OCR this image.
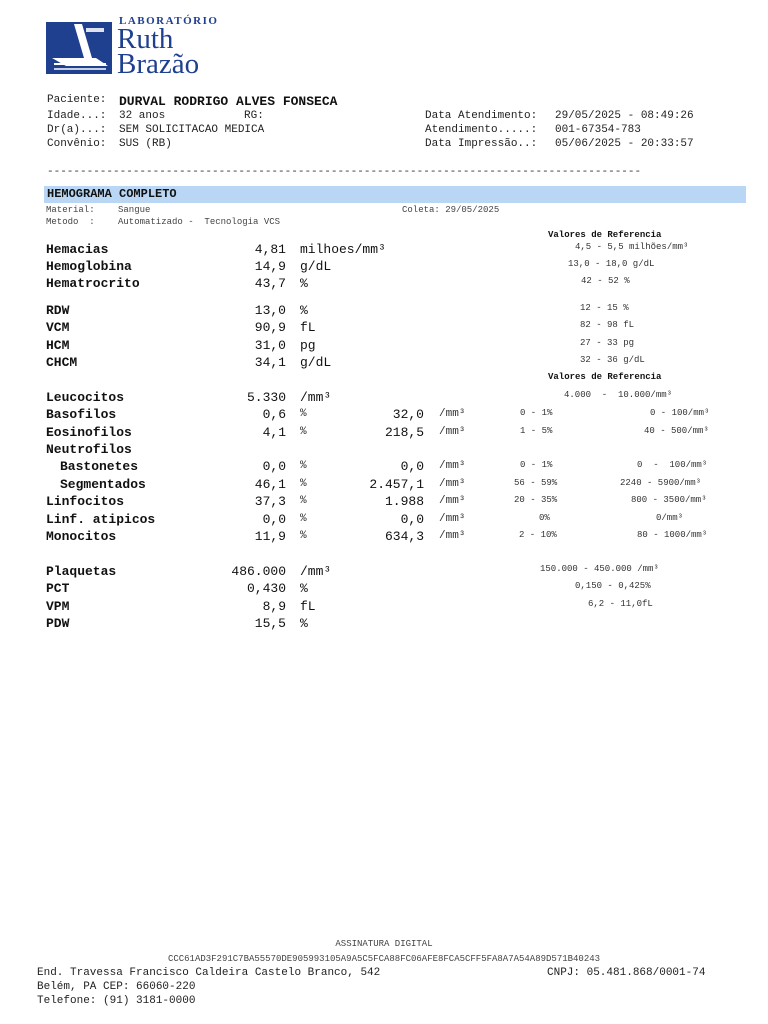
LABORATÓRIO
Ruth
Brazão
Paciente: DURVAL RODRIGO ALVES FONSECA
Idade...: 32 anos	RG:
Dr(a)...: SEM SOLICITACAO MEDICA
Convênio: SUS (RB)
Data Atendimento: 29/05/2025 - 08:49:26
Atendimento.....: 001-67354-783
Data Impressão..: 05/06/2025 - 20:33:57
------------------------------------------------------------------------------------------

HEMOGRAMA COMPLETO

Material:	Sangue	Coleta: 29/05/2025
Metodo  :	Automatizado -  Tecnologia VCS
Valores de Referencia
Hemacias	4,81 milhoes/mm³	4,5 - 5,5 milhões/mm³
Hemoglobina	14,9 g/dL	13,0 - 18,0 g/dL
Hematrocrito	43,7 %	42 - 52 %
RDW	13,0 %	12 - 15 %
VCM	90,9 fL	82 - 98 fL
HCM	31,0 pg	27 - 33 pg
CHCM	34,1 g/dL	32 - 36 g/dL
Valores de Referencia
Leucocitos	5.330 /mm³	4.000  -  10.000/mm³
Basofilos	0,6 %	32,0 /mm³	0 - 1%	0 - 100/mm³
Eosinofilos	4,1 %	218,5 /mm³	1 - 5%	40 - 500/mm³
Neutrofilos
Bastonetes	0,0 %	0,0 /mm³	0 - 1%	0  -  100/mm³
Segmentados	46,1 %	2.457,1 /mm³	56 - 59%	2240 - 5900/mm³
Linfocitos	37,3 %	1.988 /mm³	20 - 35%	800 - 3500/mm³
Linf. atipicos	0,0 %	0,0 /mm³	0%	0/mm³
Monocitos	11,9 %	634,3 /mm³	2 - 10%	80 - 1000/mm³
Plaquetas	486.000 /mm³	150.000 - 450.000 /mm³
PCT	0,430 %	0,150 - 0,425%
VPM	8,9 fL	6,2 - 11,0fL
PDW	15,5 %
ASSINATURA DIGITAL
CCC61AD3F291C7BA55570DE905993105A9A5C5FCA88FC06AFE8FCA5CFF5FA8A7A54A89D571B40243
End. Travessa Francisco Caldeira Castelo Branco, 542	CNPJ: 05.481.868/0001-74
Belém, PA CEP: 66060-220
Telefone: (91) 3181-0000
